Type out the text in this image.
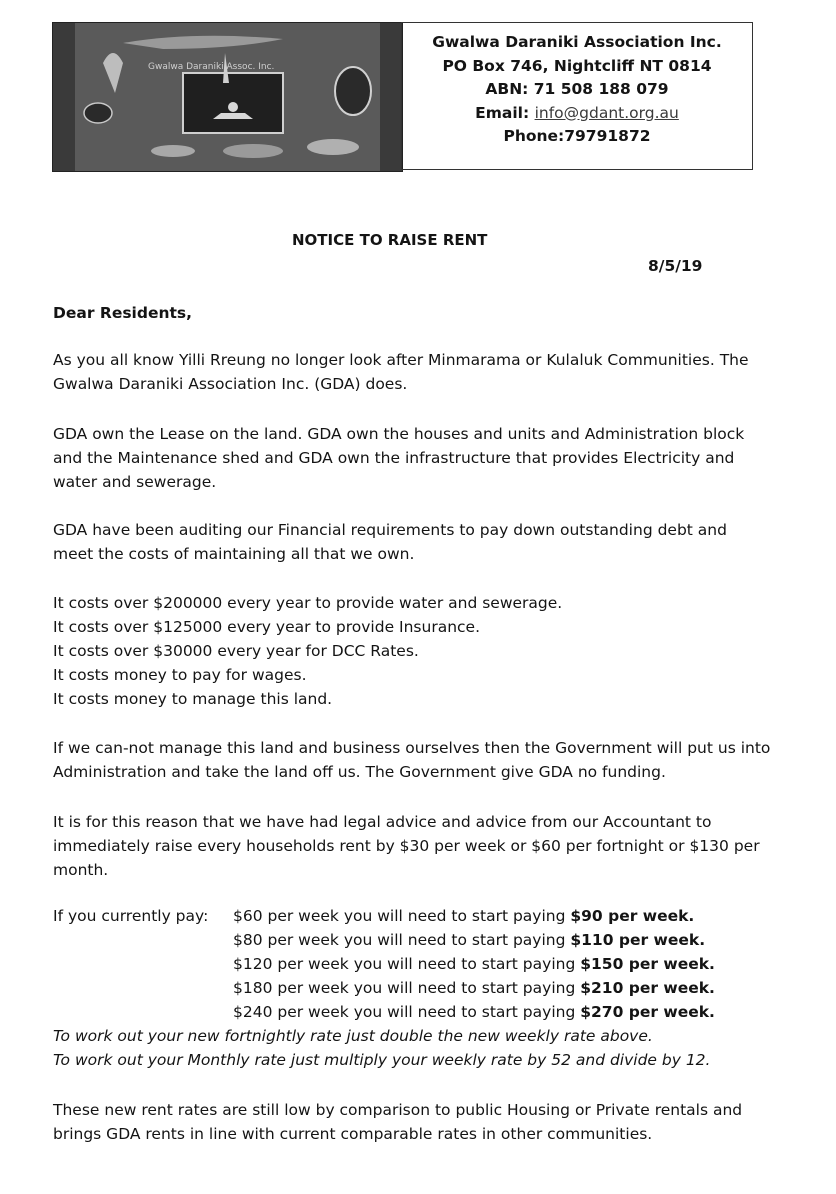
Gwalwa Daraniki Assoc. Inc.
Gwalwa Daraniki Association Inc.
PO Box 746, Nightcliff NT 0814
ABN: 71 508 188 079
Email: info@gdant.org.au
Phone:79791872
NOTICE TO RAISE RENT
8/5/19
Dear Residents,
As you all know Yilli Rreung no longer look after Minmarama or Kulaluk Communities. The
Gwalwa Daraniki Association Inc. (GDA) does.
GDA own the Lease on the land. GDA own the houses and units and Administration block
and the Maintenance shed and GDA own the infrastructure that provides Electricity and
water and sewerage.
GDA have been auditing our Financial requirements to pay down outstanding debt and
meet the costs of maintaining all that we own.
It costs over $200000 every year to provide water and sewerage.
It costs over $125000 every year to provide Insurance.
It costs over $30000 every year for DCC Rates.
It costs money to pay for wages.
It costs money to manage this land.
If we can-not manage this land and business ourselves then the Government will put us into
Administration and take the land off us. The Government give GDA no funding.
It is for this reason that we have had legal advice and advice from our Accountant to
immediately raise every households rent by $30 per week or $60 per fortnight or $130 per
month.
If you currently pay: $60 per week you will need to start paying $90 per week.
$80 per week you will need to start paying $110 per week.
$120 per week you will need to start paying $150 per week.
$180 per week you will need to start paying $210 per week.
$240 per week you will need to start paying $270 per week.
To work out your new fortnightly rate just double the new weekly rate above.
To work out your Monthly rate just multiply your weekly rate by 52 and divide by 12.
These new rent rates are still low by comparison to public Housing or Private rentals and
brings GDA rents in line with current comparable rates in other communities.
